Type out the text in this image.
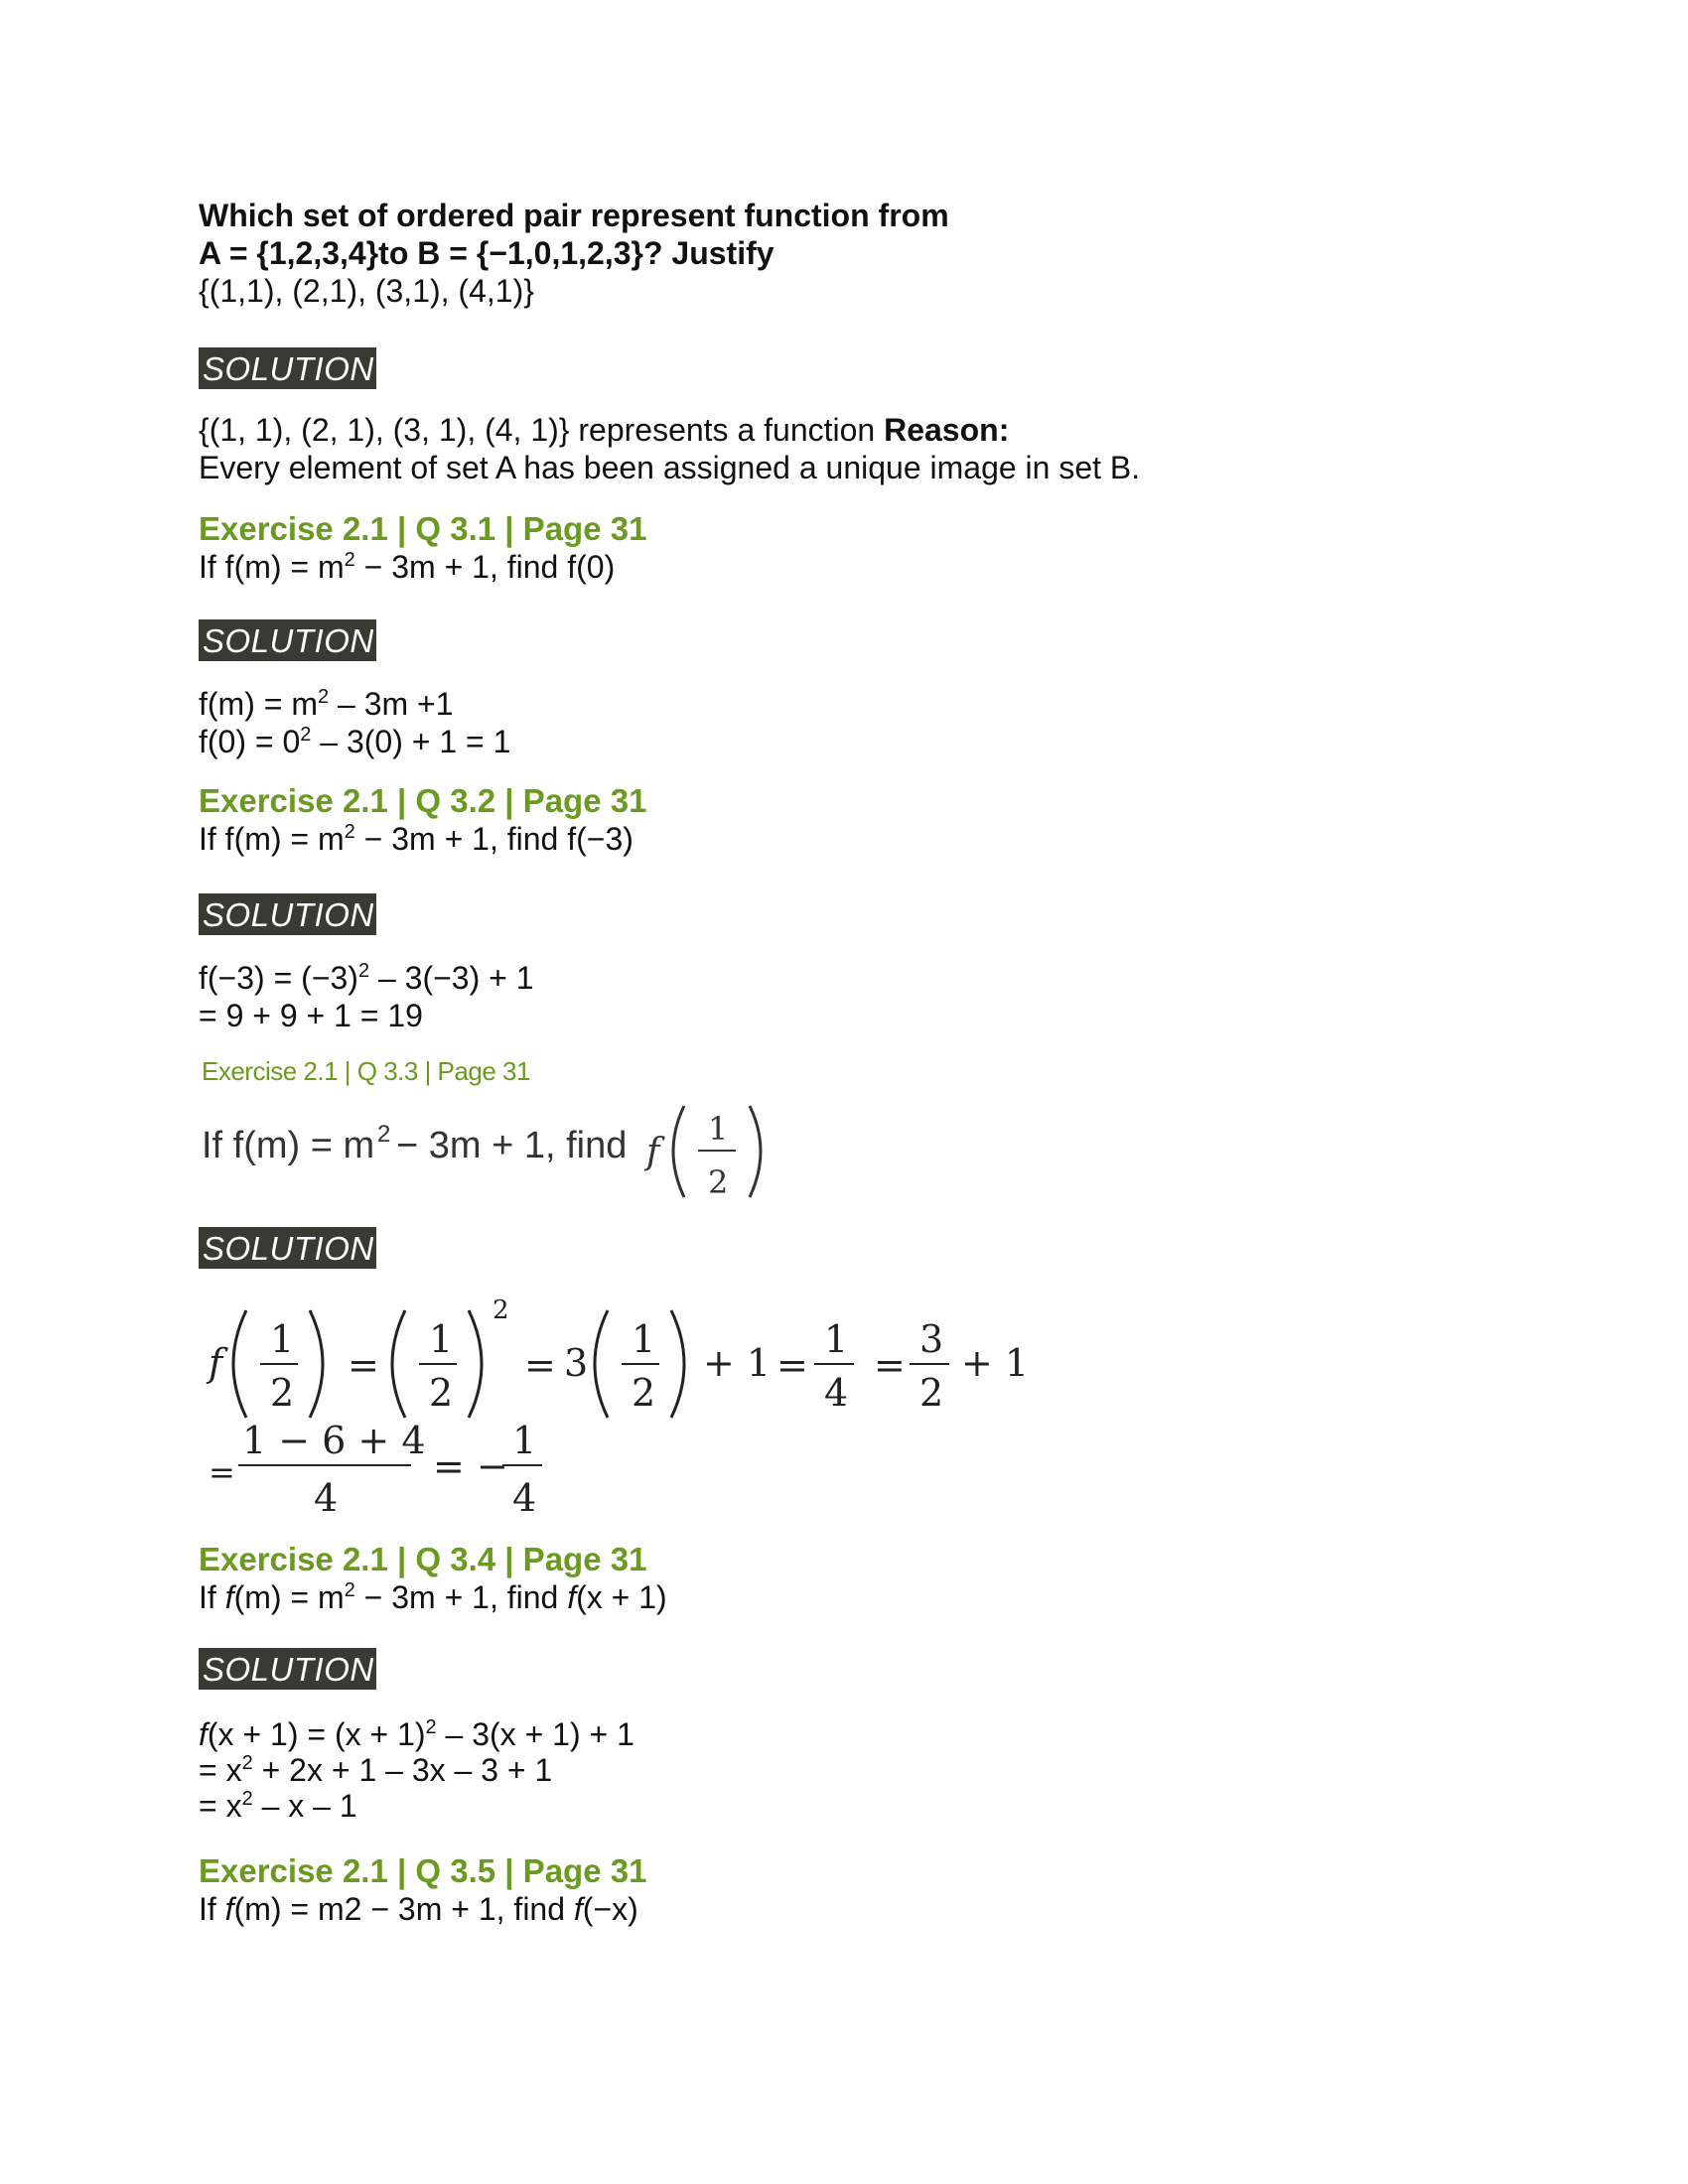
Which set of ordered pair represent function from
A = {1,2,3,4}to B = {−1,0,1,2,3}? Justify
{(1,1), (2,1), (3,1), (4,1)}
SOLUTION
{(1, 1), (2, 1), (3, 1), (4, 1)} represents a function Reason:
Every element of set A has been assigned a unique image in set B.
Exercise 2.1 | Q 3.1 | Page 31
If $f(m) = m^2 - 3m + 1$, find f(0)
SOLUTION
$f(m) = m^2 - 3m +1$
$f(0) = 0^2 - 3(0) + 1 = 1$
Exercise 2.1 | Q 3.2 | Page 31
If $f(m) = m^2 - 3m + 1$, find f(−3)
SOLUTION
$f(-3) = (-3)^2 - 3(-3) + 1$
= 9 + 9 + 1 = 19
Exercise 2.1 | Q 3.3 | Page 31
If f(m) = m 2 − 3m + 1, find f
1
2
SOLUTION
f
1
2
=
1
2
2
= 3
1
2
+ 1 =
1
4
=
3
2
+ 1
=
1 − 6 + 4
4
= −
1
4
Exercise 2.1 | Q 3.4 | Page 31
If $f(m) = m^2 - 3m + 1$, find f(x + 1)
SOLUTION
$f(x + 1) = (x + 1)^2 - 3(x + 1) + 1$
= $x^2 + 2x + 1 - 3x - 3 + 1$
= $x^2$ – x – 1
Exercise 2.1 | Q 3.5 | Page 31
If f(m) = m2 − 3m + 1, find f(−x)
